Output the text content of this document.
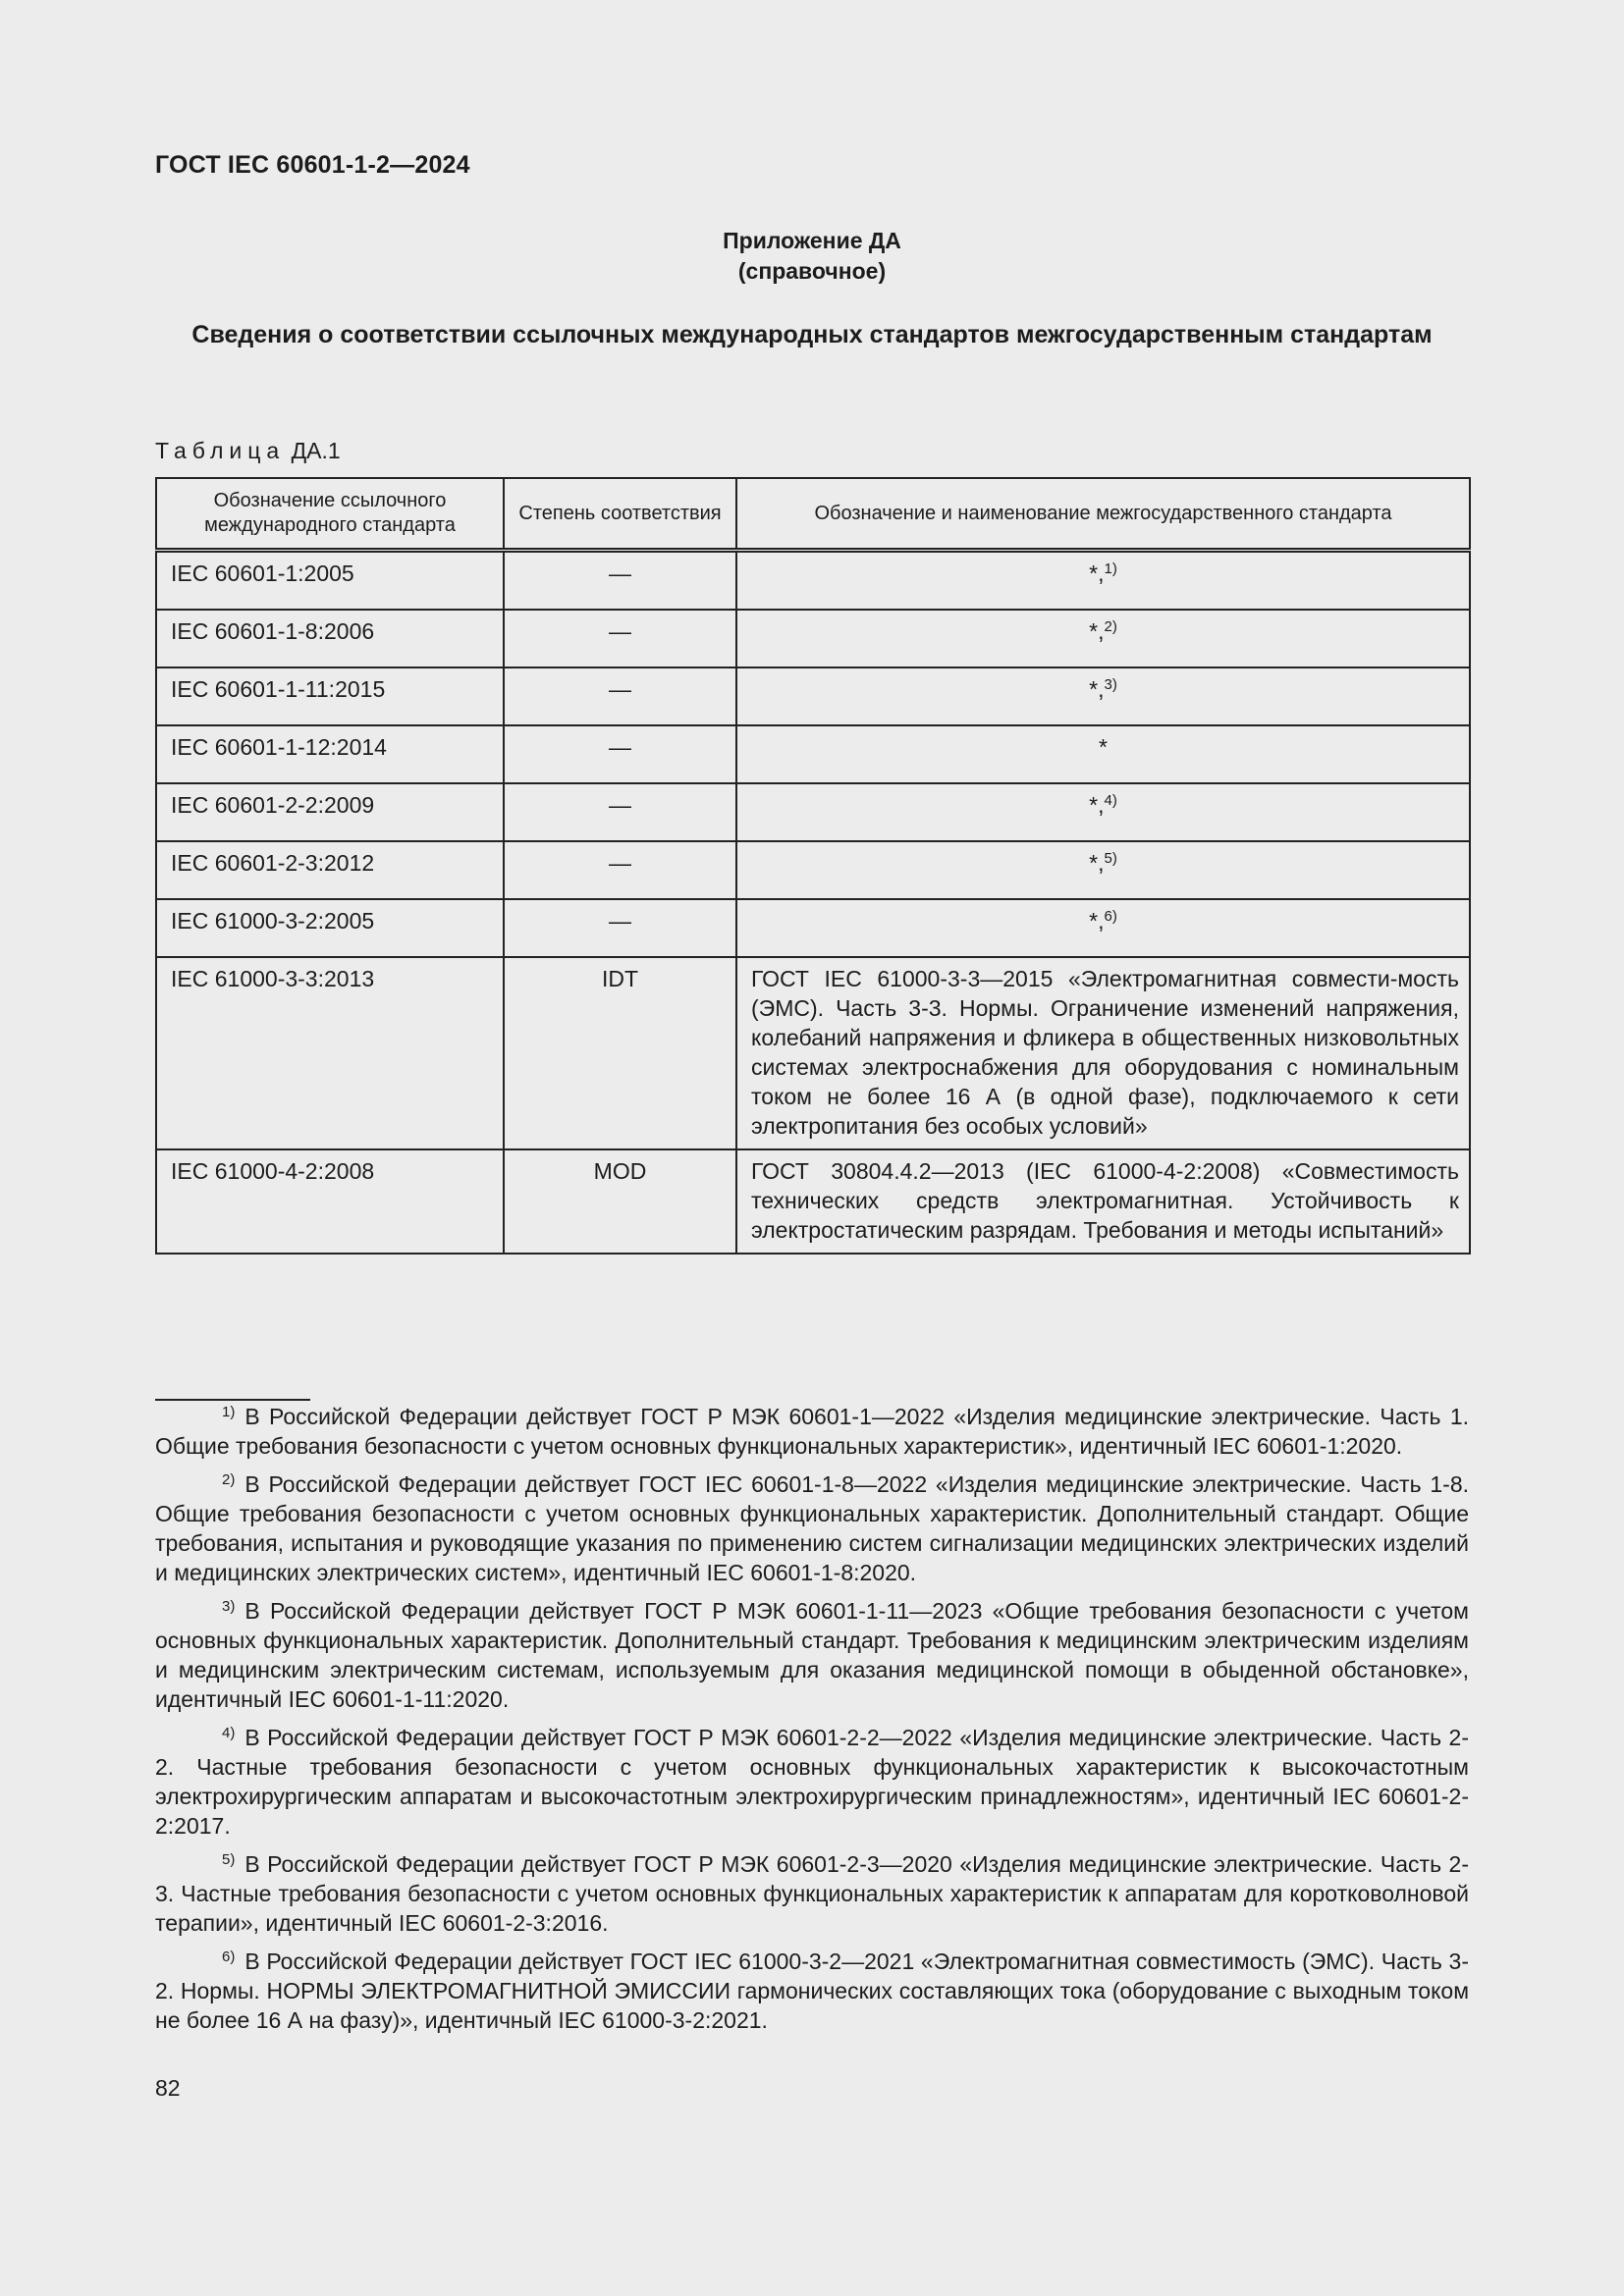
ГОСТ IEC 60601-1-2—2024
Приложение ДА
(справочное)
Сведения о соответствии ссылочных международных стандартов межгосударственным стандартам
Таблица ДА.1
Обозначение ссылочного международного стандарта	Степень соответствия	Обозначение и наименование межгосударственного стандарта
IEC 60601-1:2005	—	*,$^{1)}$
IEC 60601-1-8:2006	—	*,$^{2)}$
IEC 60601-1-11:2015	—	*,$^{3)}$
IEC 60601-1-12:2014	—	*
IEC 60601-2-2:2009	—	*,$^{4)}$
IEC 60601-2-3:2012	—	*,$^{5)}$
IEC 61000-3-2:2005	—	*,$^{6)}$
IEC 61000-3-3:2013	IDT	ГОСТ IEC 61000-3-3—2015 «Электромагнитная совмести-мость (ЭМС). Часть 3-3. Нормы. Ограничение изменений напряжения, колебаний напряжения и фликера в общественных низковольтных системах электроснабжения для оборудования с номинальным током не более 16 А (в одной фазе), подключаемого к сети электропитания без особых условий»
IEC 61000-4-2:2008	MOD	ГОСТ 30804.4.2—2013 (IEC 61000-4-2:2008) «Совместимость технических средств электромагнитная. Устойчивость к электростатическим разрядам. Требования и методы испытаний»

$^{1)}$ В Российской Федерации действует ГОСТ Р МЭК 60601-1—2022 «Изделия медицинские электрические. Часть 1. Общие требования безопасности с учетом основных функциональных характеристик», идентичный IEC 60601-1:2020.

$^{2)}$ В Российской Федерации действует ГОСТ IEC 60601-1-8—2022 «Изделия медицинские электрические. Часть 1-8. Общие требования безопасности с учетом основных функциональных характеристик. Дополнительный стандарт. Общие требования, испытания и руководящие указания по применению систем сигнализации медицинских электрических изделий и медицинских электрических систем», идентичный IEC 60601-1-8:2020.

$^{3)}$ В Российской Федерации действует ГОСТ Р МЭК 60601-1-11—2023 «Общие требования безопасности с учетом основных функциональных характеристик. Дополнительный стандарт. Требования к медицинским электрическим изделиям и медицинским электрическим системам, используемым для оказания медицинской помощи в обыденной обстановке», идентичный IEC 60601-1-11:2020.

$^{4)}$ В Российской Федерации действует ГОСТ Р МЭК 60601-2-2—2022 «Изделия медицинские электрические. Часть 2-2. Частные требования безопасности с учетом основных функциональных характеристик к высокочастотным электрохирургическим аппаратам и высокочастотным электрохирургическим принадлежностям», идентичный IEC 60601-2-2:2017.

$^{5)}$ В Российской Федерации действует ГОСТ Р МЭК 60601-2-3—2020 «Изделия медицинские электрические. Часть 2-3. Частные требования безопасности с учетом основных функциональных характеристик к аппаратам для коротковолновой терапии», идентичный IEC 60601-2-3:2016.

$^{6)}$ В Российской Федерации действует ГОСТ IEC 61000-3-2—2021 «Электромагнитная совместимость (ЭМС). Часть 3-2. Нормы. НОРМЫ ЭЛЕКТРОМАГНИТНОЙ ЭМИССИИ гармонических составляющих тока (оборудование с выходным током не более 16 А на фазу)», идентичный IEC 61000-3-2:2021.

82
